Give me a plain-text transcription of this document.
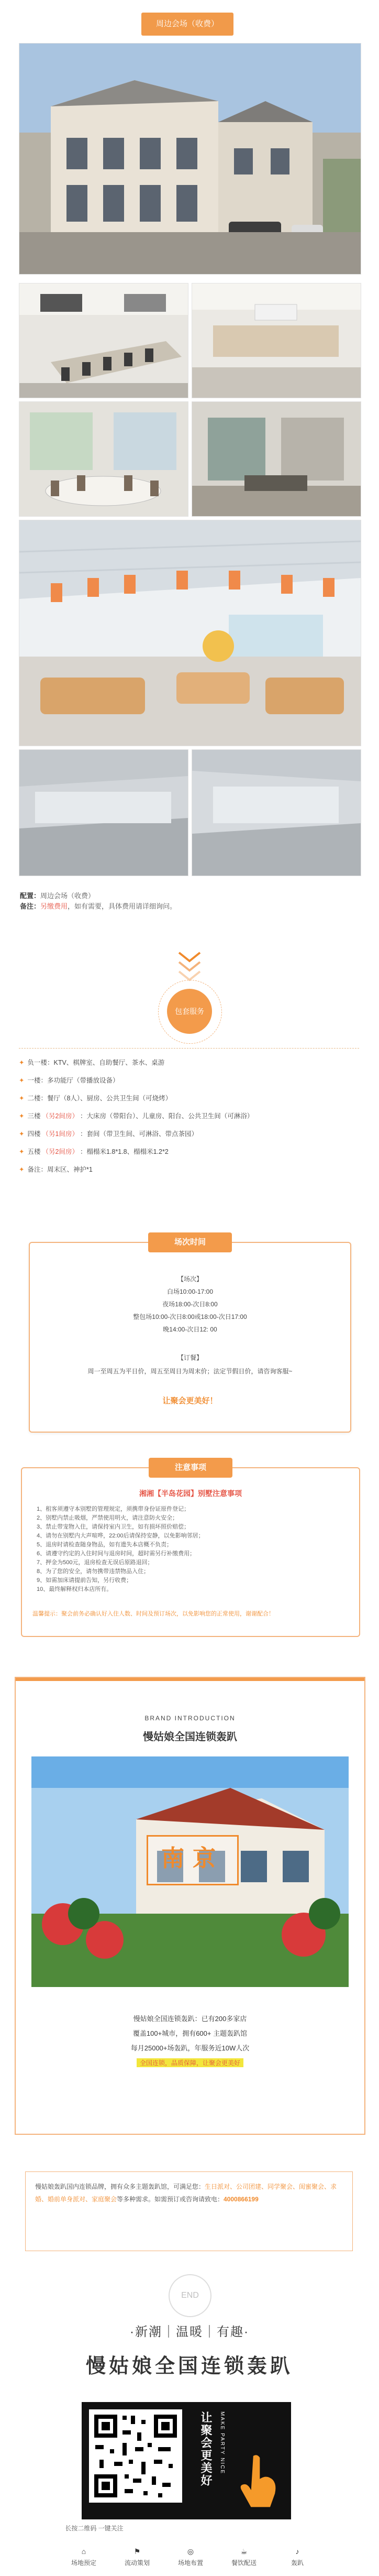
周边会场（收费）
配置：周边会场（收费）
备注：另缴费用，如有需要，具体费用请详细询问。
包套服务
✦ 负一楼：KTV、棋牌室、自助餐厅、茶水、桌游
✦ 一楼：多功能厅（带播放设备）
✦ 二楼：餐厅（8人）、厨房、公共卫生间（可烧烤）
✦ 三楼 （另2间房） ：大床房（带阳台）、儿童房、阳台、公共卫生间（可淋浴）
✦ 四楼 （另1间房） ：套间（带卫生间、可淋浴、带点茶园）
✦ 五楼 （另2间房） ：榻榻米1.8*1.8、榻榻米1.2*2
✦ 备注：周末区、神护*1
场次时间
【场次】
白场10:00-17:00
夜场18:00-次日8:00
整包场10:00-次日8:00或18:00-次日17:00
晚14:00-次日12: 00
【订餐】
周一至周五为平日价，周五至周日为周末价；法定节假日价，请咨询客服~
让聚会更美好！
注意事项
湘湘【半岛花园】别墅注意事项
1、租客须遵守本别墅的管理规定，须携带身份证原件登记；
2、别墅内禁止吸烟，严禁使用明火，请注意防火安全；
3、禁止带宠物入住，请保持室内卫生，如有损坏照价赔偿；
4、请勿在别墅内大声喧哗，22:00后请保持安静，以免影响邻居；
5、退房时请检查随身物品，如有遗失本店概不负责；
6、请遵守约定的入住时间与退房时间，超时需另行补缴费用；
7、押金为500元，退房检查无误后原路退回；
8、为了您的安全，请勿携带违禁物品入住；
9、如需加床请提前告知，另行收费；
10、最终解释权归本店所有。
温馨提示：聚会前务必确认好入住人数、时间及预订场次，以免影响您的正常使用，谢谢配合！
BRAND INTRODUCTION
慢姑娘全国连锁轰趴
南京
慢姑娘全国连锁轰趴：已有200多家店
覆盖100+城市，拥有600+ 主题轰趴馆
每月25000+场轰趴，年服务近10W人次
全国连锁，品质保障，让聚会更美好

慢姑娘轰趴国内连锁品牌，拥有众多主题轰趴馆，可满足您：生日派对、公司团建、同学聚会、闺蜜聚会、求婚、婚前单身派对、家庭聚会等多种需求。如需预订或咨询请致电：4000866199

END
·新潮｜温暖｜有趣·
慢姑娘全国连锁轰趴
让聚会更美好	MAKE PARTY NICE
长按二维码 一键关注
⌂
场地预定
⚑
流动策划
◎
场地布置
☕
餐饮配送
♪
轰趴
